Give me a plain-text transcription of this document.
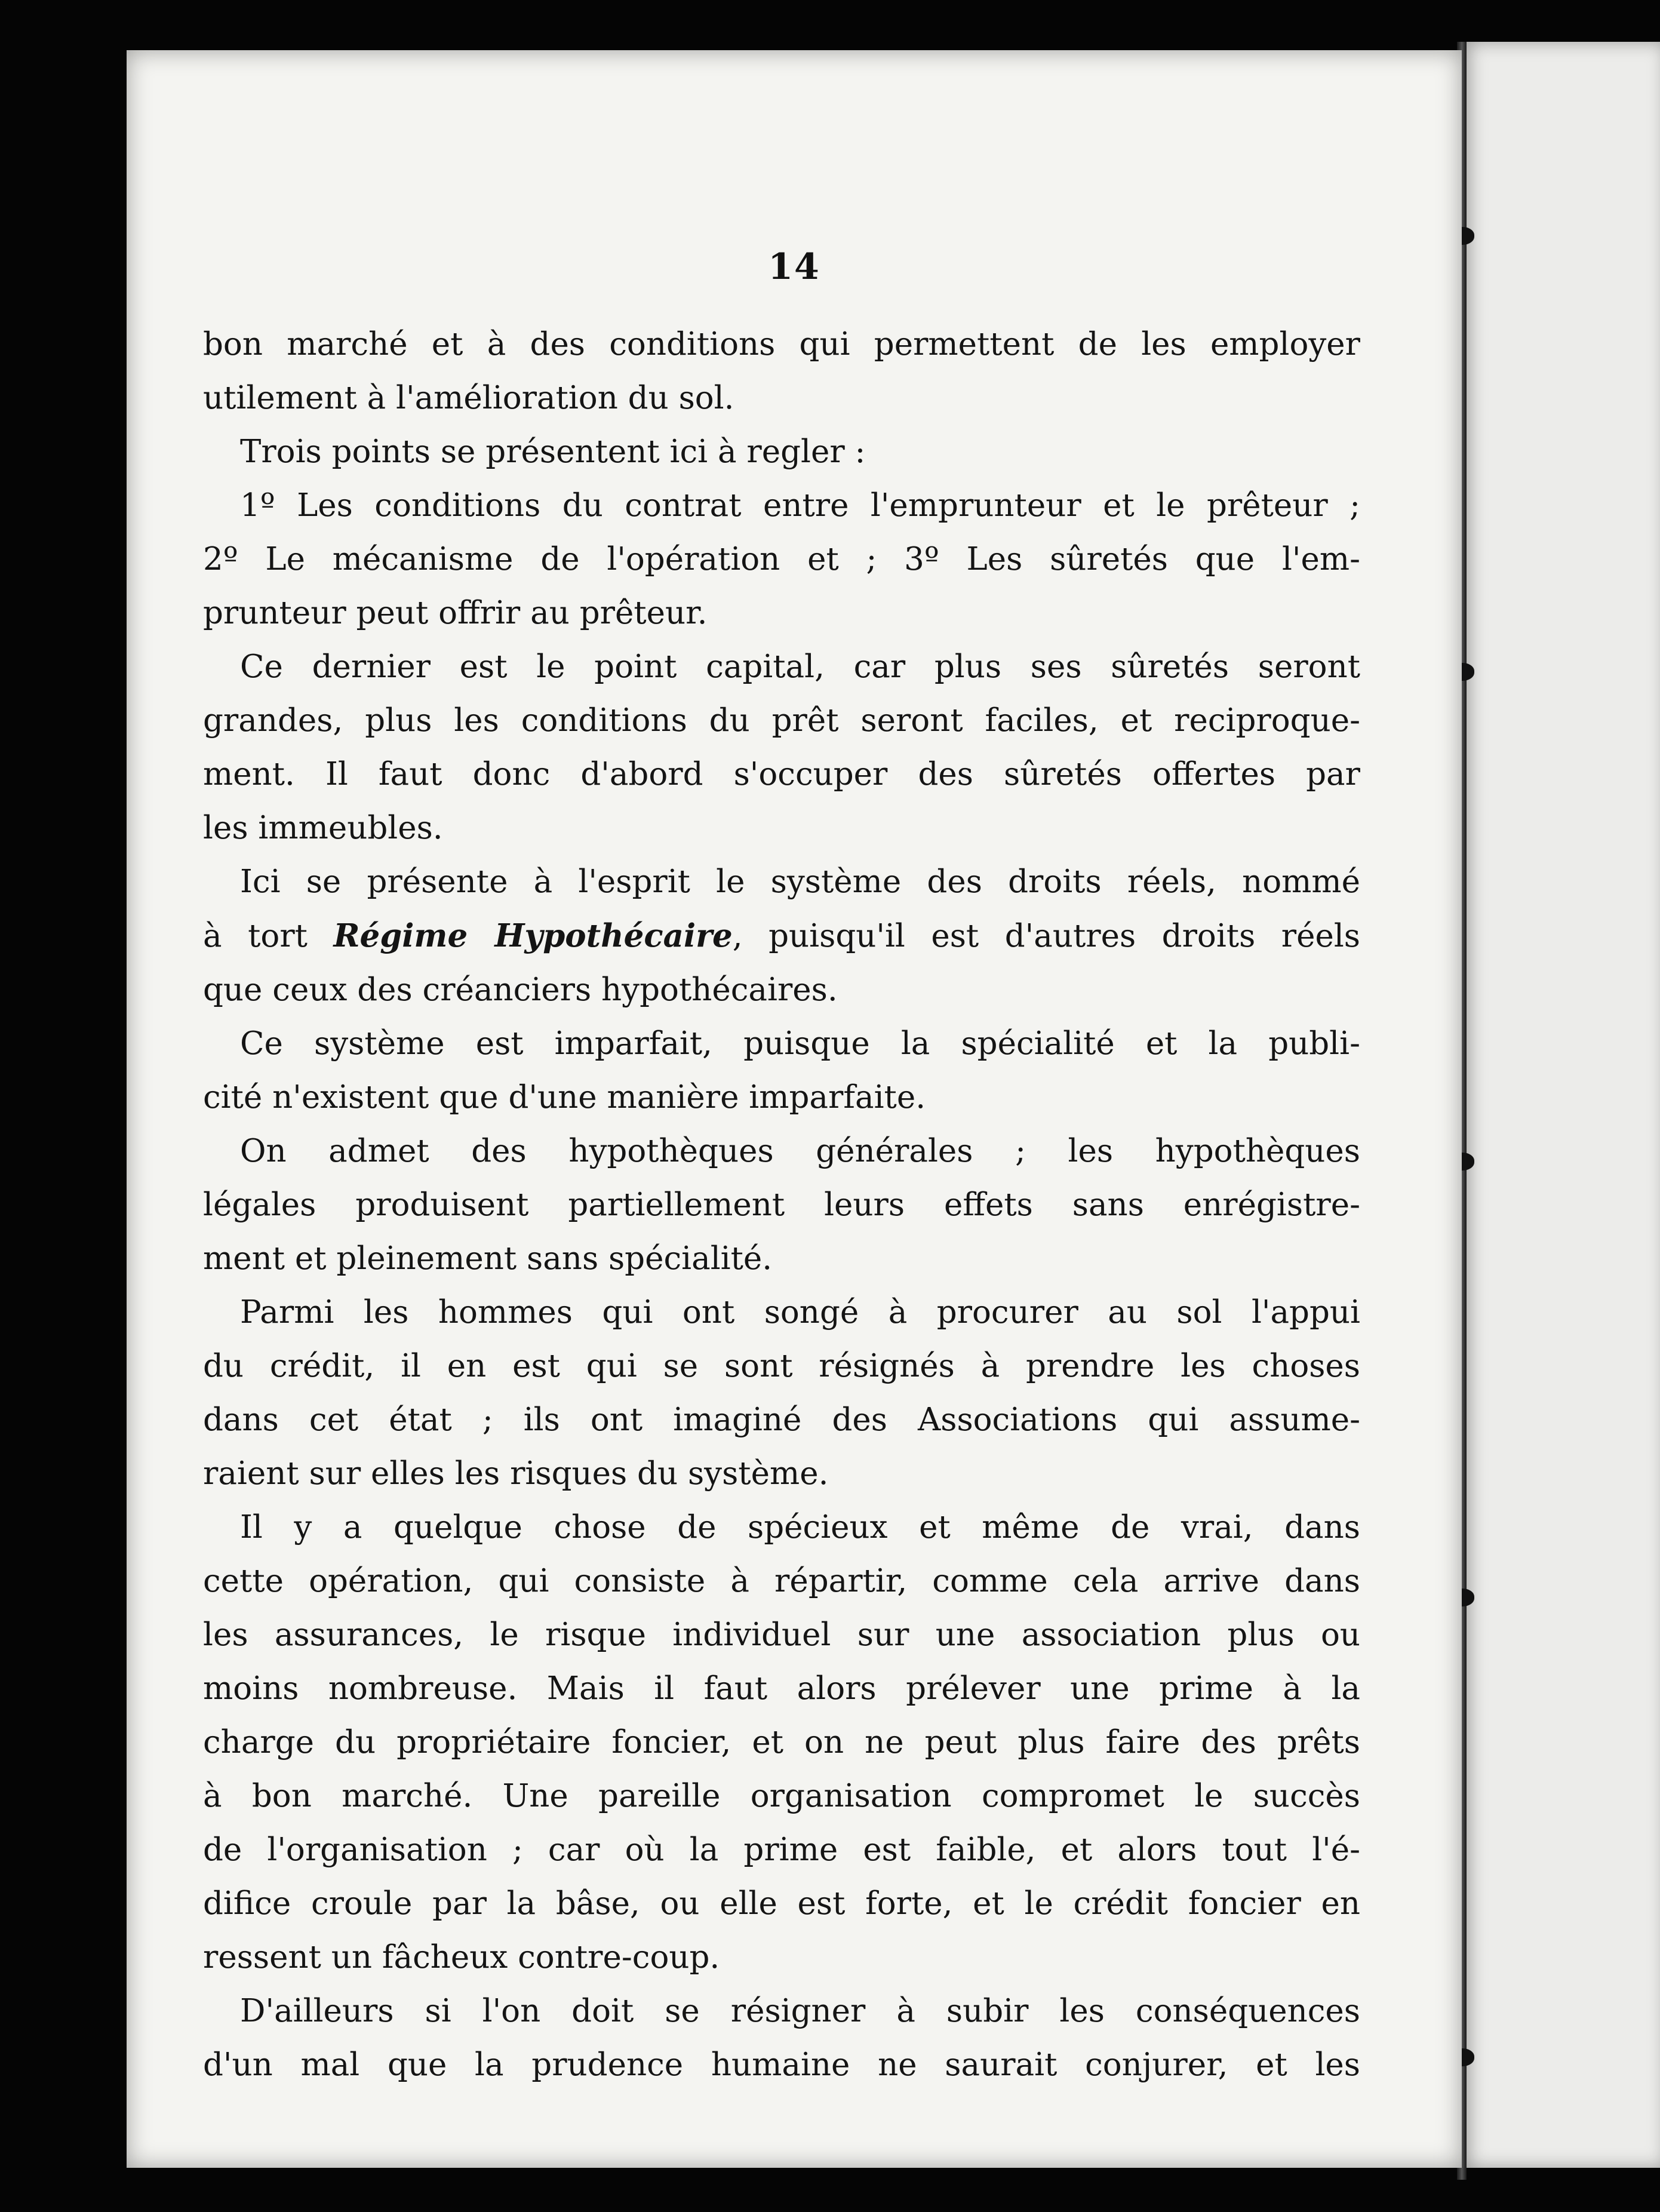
14

bon marché et à des conditions qui permettent de les employer
utilement à l'amélioration du sol.

Trois points se présentent ici à regler :

1º Les conditions du contrat entre l'emprunteur et le prêteur ;
2º Le mécanisme de l'opération et ; 3º Les sûretés que l'em-
prunteur peut offrir au prêteur.

Ce dernier est le point capital, car plus ses sûretés seront
grandes, plus les conditions du prêt seront faciles, et reciproque-
ment. Il faut donc d'abord s'occuper des sûretés offertes par
les immeubles.

Ici se présente à l'esprit le système des droits réels, nommé
à tort Régime Hypothécaire, puisqu'il est d'autres droits réels
que ceux des créanciers hypothécaires.

Ce système est imparfait, puisque la spécialité et la publi-
cité n'existent que d'une manière imparfaite.

On admet des hypothèques générales ; les hypothèques
légales produisent partiellement leurs effets sans enrégistre-
ment et pleinement sans spécialité.

Parmi les hommes qui ont songé à procurer au sol l'appui
du crédit, il en est qui se sont résignés à prendre les choses
dans cet état ; ils ont imaginé des Associations qui assume-
raient sur elles les risques du système.

Il y a quelque chose de spécieux et même de vrai, dans
cette opération, qui consiste à répartir, comme cela arrive dans
les assurances, le risque individuel sur une association plus ou
moins nombreuse. Mais il faut alors prélever une prime à la
charge du propriétaire foncier, et on ne peut plus faire des prêts
à bon marché. Une pareille organisation compromet le succès
de l'organisation ; car où la prime est faible, et alors tout l'é-
difice croule par la bâse, ou elle est forte, et le crédit foncier en
ressent un fâcheux contre-coup.

D'ailleurs si l'on doit se résigner à subir les conséquences
d'un mal que la prudence humaine ne saurait conjurer, et les
